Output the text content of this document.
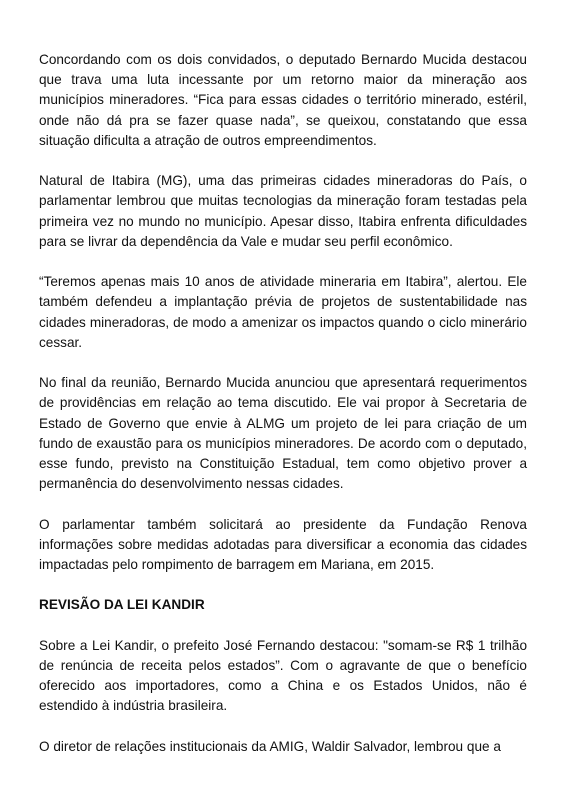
Concordando com os dois convidados, o deputado Bernardo Mucida destacou que trava uma luta incessante por um retorno maior da mineração aos municípios mineradores. “Fica para essas cidades o território minerado, estéril, onde não dá pra se fazer quase nada”, se queixou, constatando que essa situação dificulta a atração de outros empreendimentos.

Natural de Itabira (MG), uma das primeiras cidades mineradoras do País, o parlamentar lembrou que muitas tecnologias da mineração foram testadas pela primeira vez no mundo no município. Apesar disso, Itabira enfrenta dificuldades para se livrar da dependência da Vale e mudar seu perfil econômico.

“Teremos apenas mais 10 anos de atividade mineraria em Itabira”, alertou. Ele também defendeu a implantação prévia de projetos de sustentabilidade nas cidades mineradoras, de modo a amenizar os impactos quando o ciclo minerário cessar.

No final da reunião, Bernardo Mucida anunciou que apresentará requerimentos de providências em relação ao tema discutido. Ele vai propor à Secretaria de Estado de Governo que envie à ALMG um projeto de lei para criação de um fundo de exaustão para os municípios mineradores. De acordo com o deputado, esse fundo, previsto na Constituição Estadual, tem como objetivo prover a permanência do desenvolvimento nessas cidades.

O parlamentar também solicitará ao presidente da Fundação Renova informações sobre medidas adotadas para diversificar a economia das cidades impactadas pelo rompimento de barragem em Mariana, em 2015.

REVISÃO DA LEI KANDIR

Sobre a Lei Kandir, o prefeito José Fernando destacou: "somam-se R$ 1 trilhão de renúncia de receita pelos estados”. Com o agravante de que o benefício oferecido aos importadores, como a China e os Estados Unidos, não é estendido à indústria brasileira.

O diretor de relações institucionais da AMIG, Waldir Salvador, lembrou que a
